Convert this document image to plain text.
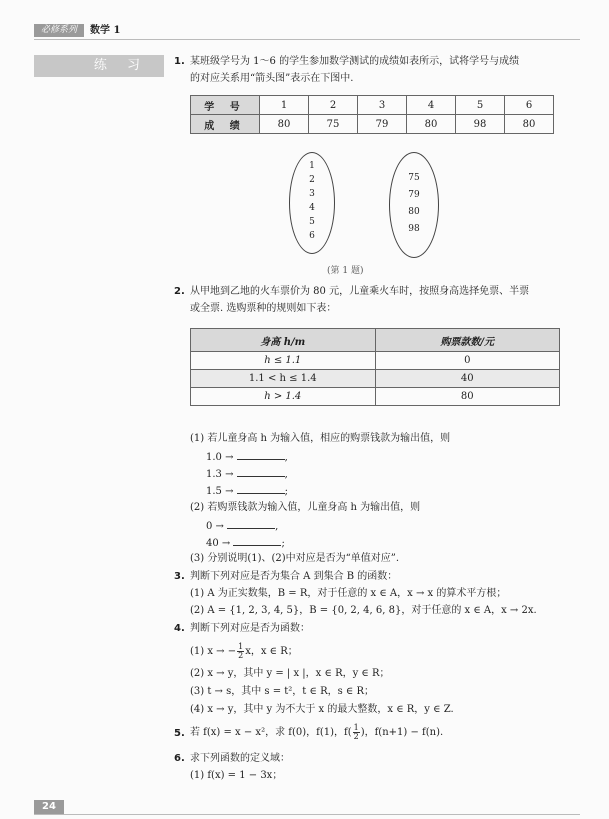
必修系列	数学 1
练 习	1. 某班级学号为 1～6 的学生参加数学测试的成绩如表所示，试将学号与成绩
的对应关系用“箭头图”表示在下图中.
学 号	1	2	3	4	5	6
成 绩	80	75	79	80	98	80
1
2
3
4
5
6
75
79
80
98
(第 1 题)
2. 从甲地到乙地的火车票价为 80 元，儿童乘火车时，按照身高选择免票、半票
或全票. 选购票种的规则如下表：
身高 h/m	购票款数/元
h ≤ 1.1	0
1.1 < h ≤ 1.4	40
h > 1.4	80
(1) 若儿童身高 h 为输入值，相应的购票钱款为输出值，则
1.0 →	,
1.3 →	,
1.5 →	;
(2) 若购票钱款为输入值，儿童身高 h 为输出值，则
0 →	,
40 →	;
(3) 分别说明(1)、(2)中对应是否为“单值对应”.
3. 判断下列对应是否为集合 A 到集合 B 的函数：
(1) A 为正实数集，B = R，对于任意的 x ∈ A，x → x 的算术平方根；
(2) A = {1, 2, 3, 4, 5}，B = {0, 2, 4, 6, 8}，对于任意的 x ∈ A，x → 2x.
4. 判断下列对应是否为函数：
(1) x → − $\frac{1}{2}$ x，x ∈ R；
(2) x → y，其中 y = | x |，x ∈ R，y ∈ R；
(3) t → s，其中 s = t²，t ∈ R，s ∈ R；
(4) x → y，其中 y 为不大于 x 的最大整数，x ∈ R，y ∈ Z.
5. 若 f(x) = x − x²，求 f(0)，f(1)，$f( \frac{1}{2}$ )，f(n+1) − f(n).
6. 求下列函数的定义域：
(1) f(x) = 1 − 3x；
24
